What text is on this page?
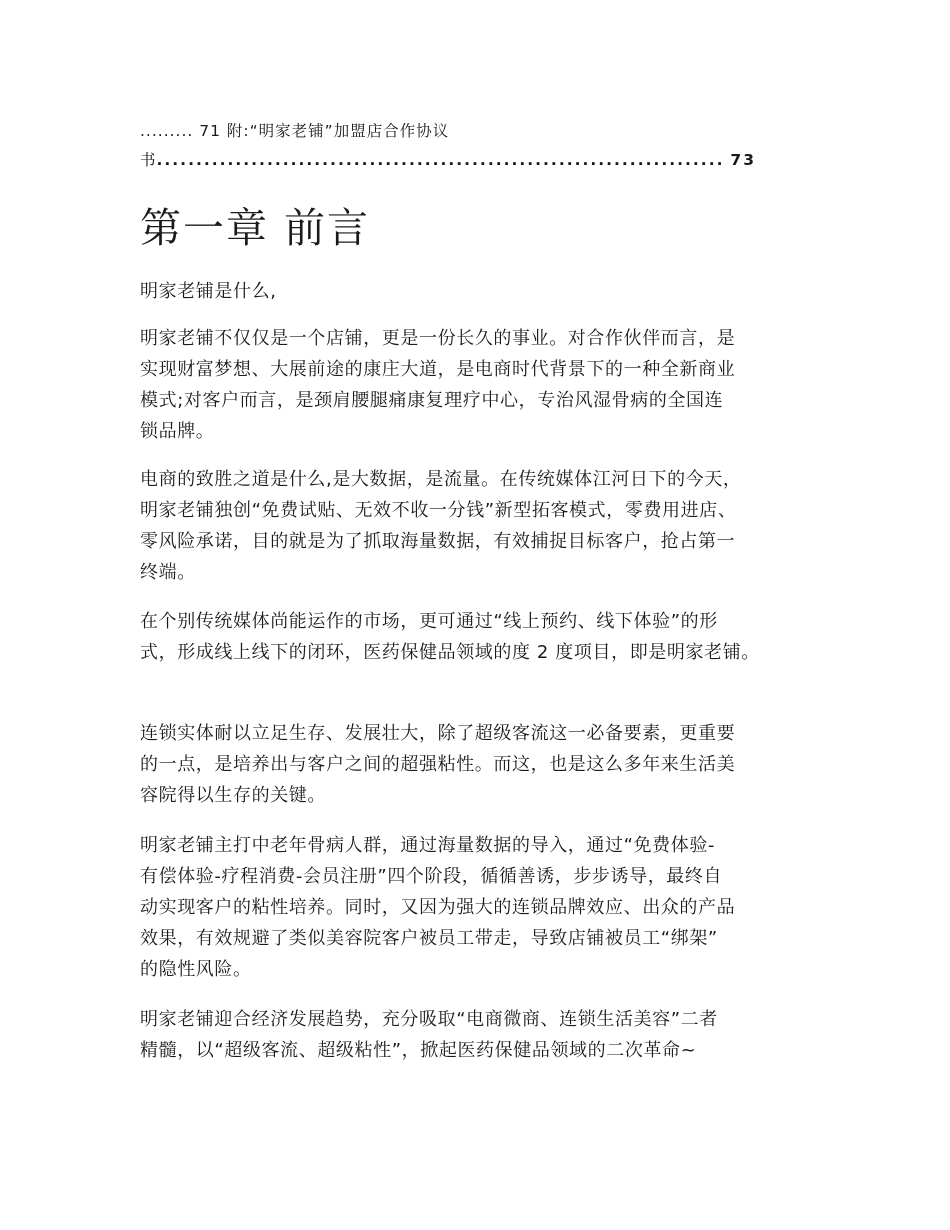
......... 71 附:“明家老铺”加盟店合作协议
书........................................................................ 73
第一章 前言

明家老铺是什么,

明家老铺不仅仅是一个店铺，更是一份长久的事业。对合作伙伴而言，是
实现财富梦想、大展前途的康庄大道，是电商时代背景下的一种全新商业
模式;对客户而言，是颈肩腰腿痛康复理疗中心，专治风湿骨病的全国连
锁品牌。

电商的致胜之道是什么,是大数据，是流量。在传统媒体江河日下的今天，
明家老铺独创“免费试贴、无效不收一分钱”新型拓客模式，零费用进店、
零风险承诺，目的就是为了抓取海量数据，有效捕捉目标客户，抢占第一
终端。

在个别传统媒体尚能运作的市场，更可通过“线上预约、线下体验”的形
式，形成线上线下的闭环，医药保健品领域的度 2 度项目，即是明家老铺。

连锁实体耐以立足生存、发展壮大，除了超级客流这一必备要素，更重要
的一点，是培养出与客户之间的超强粘性。而这，也是这么多年来生活美
容院得以生存的关键。

明家老铺主打中老年骨病人群，通过海量数据的导入，通过“免费体验-
有偿体验-疗程消费-会员注册”四个阶段，循循善诱，步步诱导，最终自
动实现客户的粘性培养。同时，又因为强大的连锁品牌效应、出众的产品
效果，有效规避了类似美容院客户被员工带走，导致店铺被员工“绑架”
的隐性风险。

明家老铺迎合经济发展趋势，充分吸取“电商微商、连锁生活美容”二者
精髓，以“超级客流、超级粘性”，掀起医药保健品领域的二次革命~
